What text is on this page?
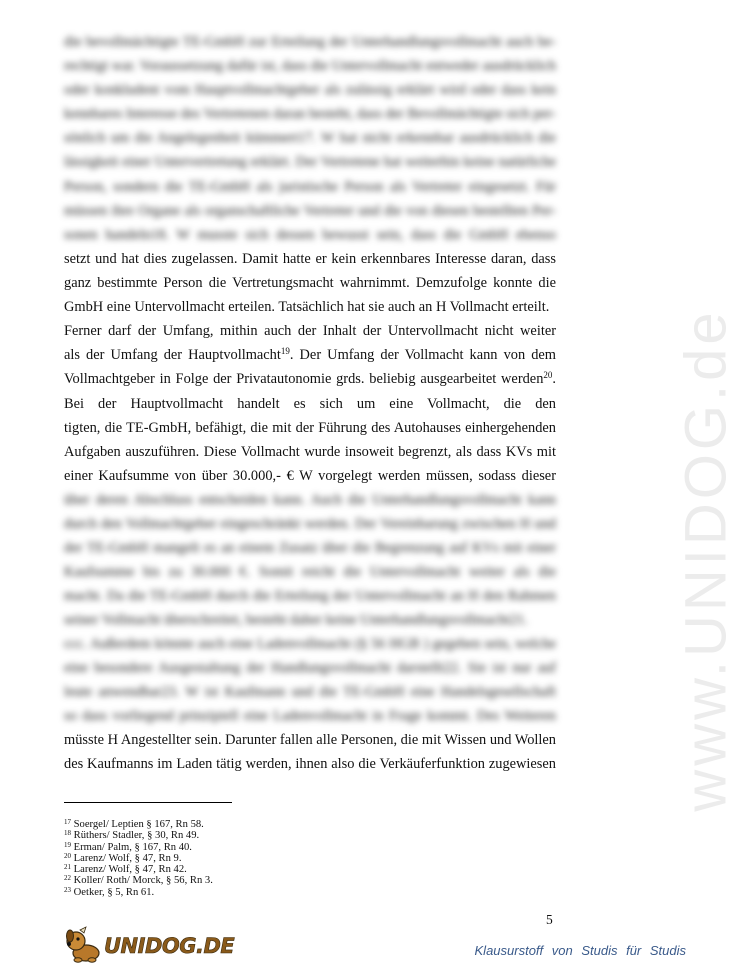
www.UNIDOG.de
die bevollmächtigte TE-GmbH zur Erteilung der Unterhandlungsvollmacht auch be-
rechtigt war. Voraussetzung dafür ist, dass die Untervollmacht entweder ausdrücklich
oder konkludent vom Hauptvollmachtgeber als zulässig erklärt wird oder dass kein
kennbares Interesse des Vertretenen daran besteht, dass der Bevollmächtigte sich per-
sönlich um die Angelegenheit kümmert17. W hat nicht erkennbar ausdrücklich die
lässigkeit einer Untervertretung erklärt. Der Vertretene hat weiterhin keine natürliche
Person, sondern die TE-GmbH als juristische Person als Vertreter eingesetzt. Für
müssen ihre Organe als organschaftliche Vertreter und die von diesen bestellten Per-
sonen handeln18. W musste sich dessen bewusst sein, dass die GmbH ebenso
setzt und hat dies zugelassen. Damit hatte er kein erkennbares Interesse daran, dass
ganz bestimmte Person die Vertretungsmacht wahrnimmt. Demzufolge konnte die
GmbH eine Untervollmacht erteilen. Tatsächlich hat sie auch an H Vollmacht erteilt.
Ferner darf der Umfang, mithin auch der Inhalt der Untervollmacht nicht weiter
als der Umfang der Hauptvollmacht$^{19}$. Der Umfang der Vollmacht kann von dem
Vollmachtgeber in Folge der Privatautonomie grds. beliebig ausgearbeitet werden$^{20}$.
Bei der Hauptvollmacht handelt es sich um eine Vollmacht, die den
tigten, die TE-GmbH, befähigt, die mit der Führung des Autohauses einhergehenden
Aufgaben auszuführen. Diese Vollmacht wurde insoweit begrenzt, als dass KVs mit
einer Kaufsumme von über 30.000,- € W vorgelegt werden müssen, sodass dieser
über deren Abschluss entscheiden kann. Auch die Unterhandlungsvollmacht kann
durch den Vollmachtgeber eingeschränkt werden. Der Vereinbarung zwischen H und
der TE-GmbH mangelt es an einem Zusatz über die Begrenzung auf KVs mit einer
Kaufsumme bis zu 30.000 €. Somit reicht die Untervollmacht weiter als die
macht. Da die TE-GmbH durch die Erteilung der Untervollmacht an H den Rahmen
seiner Vollmacht überschreitet, besteht daher keine Unterhandlungsvollmacht21.
ccc. Außerdem könnte auch eine Ladenvollmacht (§ 56 HGB ) gegeben sein, welche
eine besondere Ausgestaltung der Handlungsvollmacht darstellt22. Sie ist nur auf
leute anwendbar23. W ist Kaufmann und die TE-GmbH eine Handelsgesellschaft
so dass vorliegend prinzipiell eine Ladenvollmacht in Frage kommt. Des Weiteren
müsste H Angestellter sein. Darunter fallen alle Personen, die mit Wissen und Wollen
des Kaufmanns im Laden tätig werden, ihnen also die Verkäuferfunktion zugewiesen
$^{17}$ Soergel/ Leptien § 167, Rn 58.
$^{18}$ Rüthers/ Stadler, § 30, Rn 49.
$^{19}$ Erman/ Palm, § 167, Rn 40.
$^{20}$ Larenz/ Wolf, § 47, Rn 9.
$^{21}$ Larenz/ Wolf, § 47, Rn 42.
$^{22}$ Koller/ Roth/ Morck, § 56, Rn 3.
$^{23}$ Oetker, § 5, Rn 61.
5
UNIDOG.DE	Klausurstoff von Studis für Studis
